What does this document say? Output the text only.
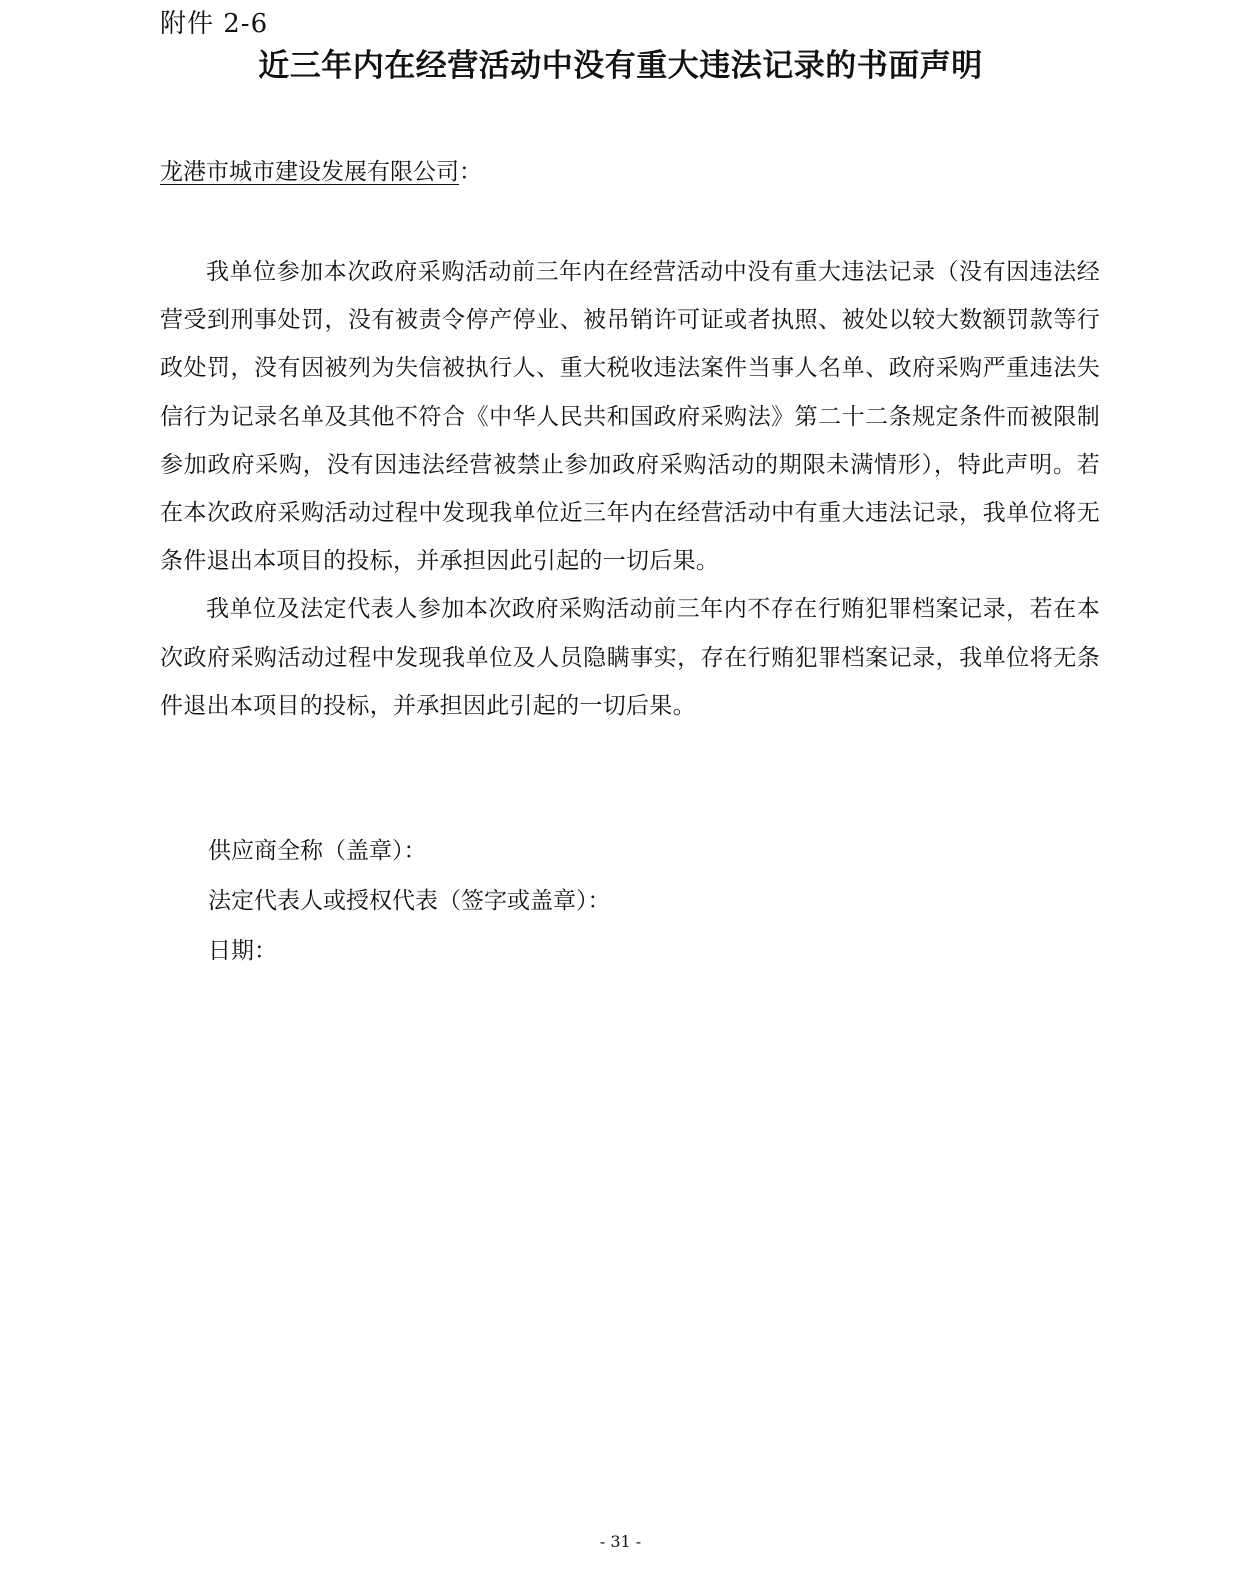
附件 2-6
近三年内在经营活动中没有重大违法记录的书面声明
龙港市城市建设发展有限公司：

我单位参加本次政府采购活动前三年内在经营活动中没有重大违法记录（没有因违法经营受到刑事处罚，没有被责令停产停业、被吊销许可证或者执照、被处以较大数额罚款等行政处罚，没有因被列为失信被执行人、重大税收违法案件当事人名单、政府采购严重违法失信行为记录名单及其他不符合《中华人民共和国政府采购法》第二十二条规定条件而被限制参加政府采购，没有因违法经营被禁止参加政府采购活动的期限未满情形），特此声明。若在本次政府采购活动过程中发现我单位近三年内在经营活动中有重大违法记录，我单位将无条件退出本项目的投标，并承担因此引起的一切后果。

我单位及法定代表人参加本次政府采购活动前三年内不存在行贿犯罪档案记录，若在本次政府采购活动过程中发现我单位及人员隐瞒事实，存在行贿犯罪档案记录，我单位将无条件退出本项目的投标，并承担因此引起的一切后果。

供应商全称（盖章）：
法定代表人或授权代表（签字或盖章）：
日期：
- 31 -
